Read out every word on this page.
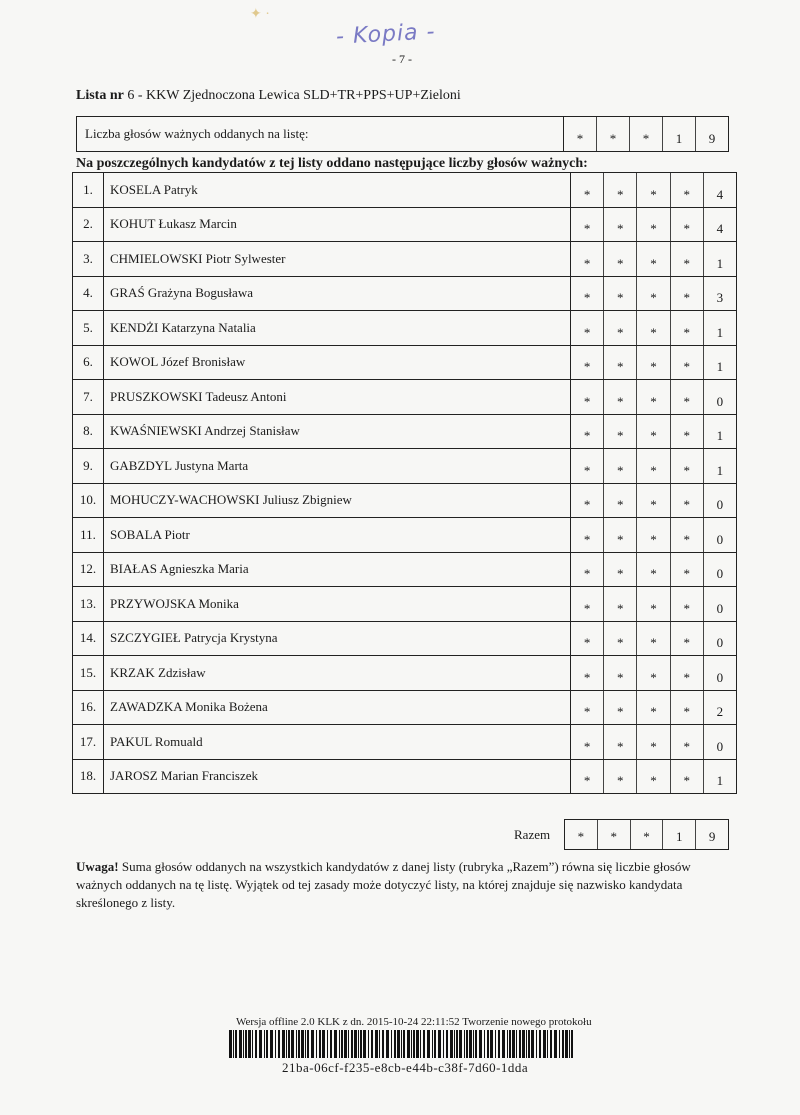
✦ ·
- Kopia -
- 7 -
Lista nr 6 - KKW Zjednoczona Lewica SLD+TR+PPS+UP+Zieloni
Liczba głosów ważnych oddanych na listę:	*	*	*	1	9
Na poszczególnych kandydatów z tej listy oddano następujące liczby głosów ważnych:
1.	KOSELA Patryk	* * * * 4

2.	KOHUT Łukasz Marcin	* * * * 4

3.	CHMIELOWSKI Piotr Sylwester	* * * * 1

4.	GRAŚ Grażyna Bogusława	* * * * 3

5.	KENDŻI Katarzyna Natalia	* * * * 1

6.	KOWOL Józef Bronisław	* * * * 1

7.	PRUSZKOWSKI Tadeusz Antoni	* * * * 0

8.	KWAŚNIEWSKI Andrzej Stanisław	* * * * 1

9.	GABZDYL Justyna Marta	* * * * 1

10.	MOHUCZY-WACHOWSKI Juliusz Zbigniew	* * * * 0

11.	SOBALA Piotr	* * * * 0

12.	BIAŁAS Agnieszka Maria	* * * * 0

13.	PRZYWOJSKA Monika	* * * * 0

14.	SZCZYGIEŁ Patrycja Krystyna	* * * * 0

15.	KRZAK Zdzisław	* * * * 0

16.	ZAWADZKA Monika Bożena	* * * * 2

17.	PAKUL Romuald	* * * * 0

18.	JAROSZ Marian Franciszek	* * * * 1
Razem	*	*	*	1	9
Uwaga! Suma głosów oddanych na wszystkich kandydatów z danej listy (rubryka „Razem”) równa się liczbie głosów ważnych oddanych na tę listę. Wyjątek od tej zasady może dotyczyć listy, na której znajduje się nazwisko kandydata skreślonego z listy.
Wersja offline 2.0 KLK z dn. 2015-10-24 22:11:52 Tworzenie nowego protokołu
21ba-06cf-f235-e8cb-e44b-c38f-7d60-1dda
